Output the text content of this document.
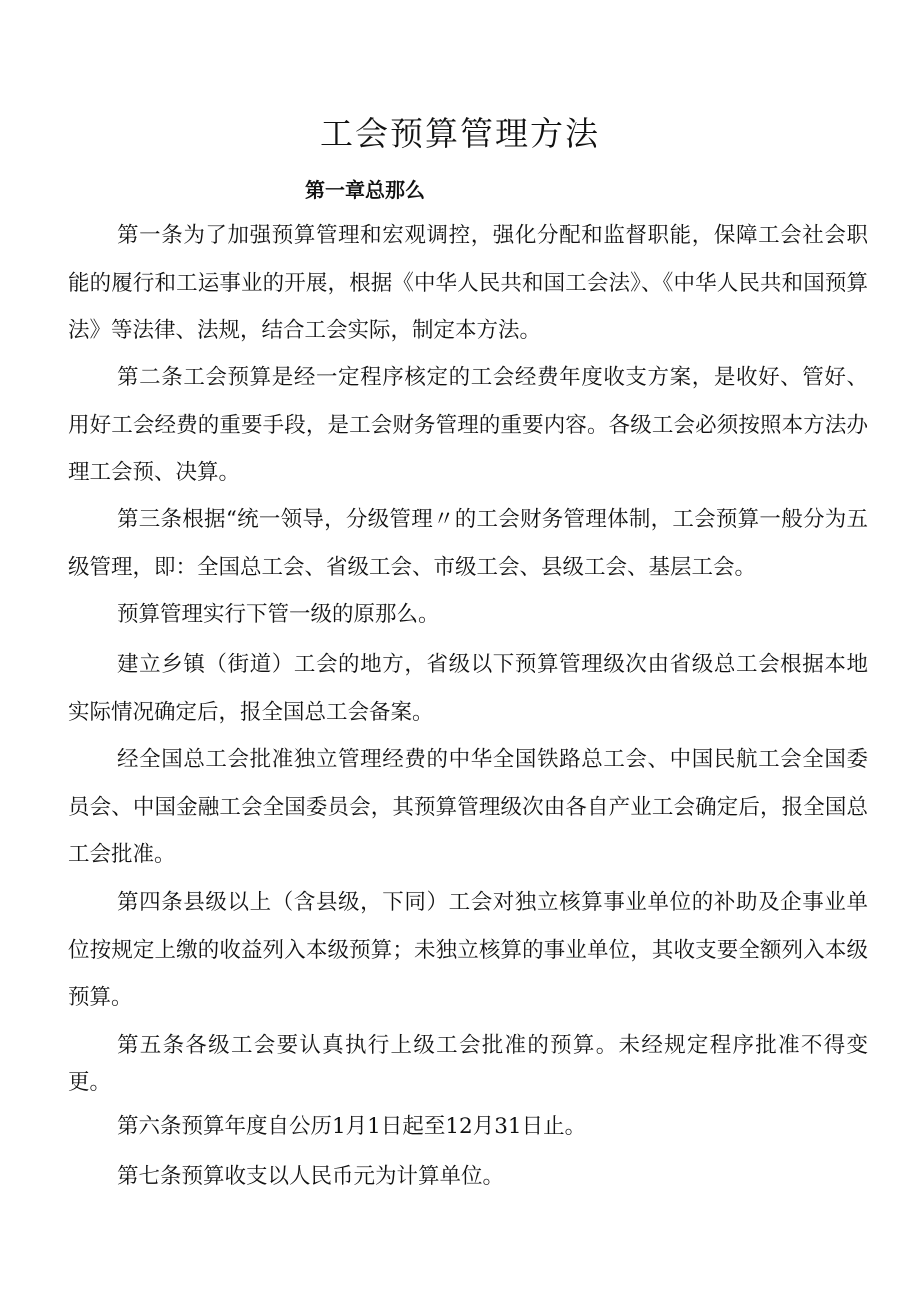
工会预算管理方法
第一章总那么

第一条为了加强预算管理和宏观调控，强化分配和监督职能，保障工会社会职能的履行和工运事业的开展，根据《中华人民共和国工会法》、《中华人民共和国预算法》等法律、法规，结合工会实际，制定本方法。

第二条工会预算是经一定程序核定的工会经费年度收支方案，是收好、管好、用好工会经费的重要手段，是工会财务管理的重要内容。各级工会必须按照本方法办理工会预、决算。

第三条根据“统一领导，分级管理〃的工会财务管理体制，工会预算一般分为五级管理，即：全国总工会、省级工会、市级工会、县级工会、基层工会。

预算管理实行下管一级的原那么。

建立乡镇（街道）工会的地方，省级以下预算管理级次由省级总工会根据本地实际情况确定后，报全国总工会备案。

经全国总工会批准独立管理经费的中华全国铁路总工会、中国民航工会全国委员会、中国金融工会全国委员会，其预算管理级次由各自产业工会确定后，报全国总工会批准。

第四条县级以上（含县级，下同）工会对独立核算事业单位的补助及企事业单位按规定上缴的收益列入本级预算；未独立核算的事业单位，其收支要全额列入本级预算。

第五条各级工会要认真执行上级工会批准的预算。未经规定程序批准不得变更。

第六条预算年度自公历1月1日起至12月31日止。

第七条预算收支以人民币元为计算单位。
